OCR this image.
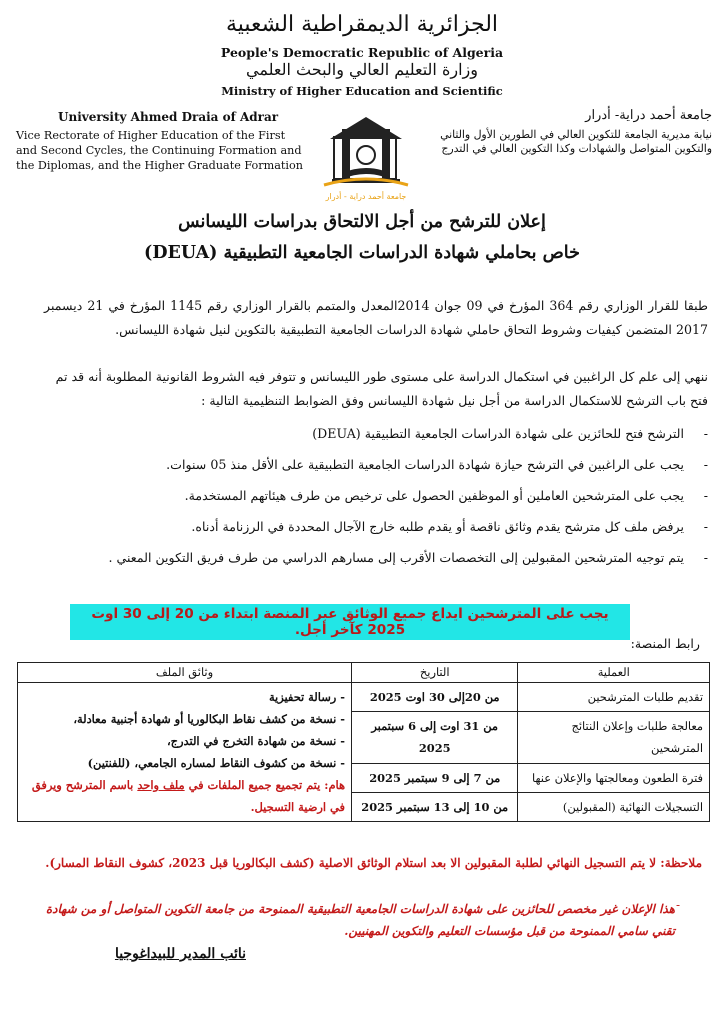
الجزائرية الديمقراطية الشعبية
People's Democratic Republic of Algeria
وزارة التعليم العالي والبحث العلمي
Ministry of Higher Education and Scientific
University Ahmed Draia of Adrar
Vice Rectorate of Higher Education of the First and Second Cycles, the Continuing Formation and the Diplomas, and the Higher Graduate Formation
جامعة أحمد دراية - أدرار
جامعة أحمد دراية- أدرار
نيابة مديرية الجامعة للتكوين العالي في الطورين الأول والثاني والتكوين المتواصل والشهادات وكذا التكوين العالي في التدرج
إعلان للترشح من أجل الالتحاق بدراسات الليسانس
خاص بحاملي شهادة الدراسات الجامعية التطبيقية (DEUA)
طبقا للقرار الوزاري رقم 364 المؤرخ في 09 جوان 2014المعدل والمتمم بالقرار الوزاري رقم 1145 المؤرخ في 21 ديسمبر 2017 المتضمن كيفيات وشروط التحاق حاملي شهادة الدراسات الجامعية التطبيقية بالتكوين لنيل شهادة الليسانس.
ننهي إلى علم كل الراغبين في استكمال الدراسة على مستوى طور الليسانس و تتوفر فيه الشروط القانونية المطلوبة أنه قد تم فتح باب الترشح للاستكمال الدراسة من أجل نيل شهادة الليسانس وفق الضوابط التنظيمية التالية :
-
الترشح فتح للحائزين على شهادة الدراسات الجامعية التطبيقية (DEUA)
-
يجب على الراغبين في الترشح حيازة شهادة الدراسات الجامعية التطبيقية على الأقل منذ 05 سنوات.
-
يجب على المترشحين العاملين أو الموظفين الحصول على ترخيص من طرف هيئاتهم المستخدمة.
-
يرفض ملف كل مترشح يقدم وثائق ناقصة أو يقدم طلبه خارج الآجال المحددة في الرزنامة أدناه.
-
يتم توجيه المترشحين المقبولين إلى التخصصات الأقرب إلى مسارهم الدراسي من طرف فريق التكوين المعني .
يجب على المترشحين ايداع جميع الوثائق عبر المنصة ابتداء من 20 إلى 30 اوت 2025 كآخر أجل.
رابط المنصة:
العملية	التاريخ	وثائق الملف
تقديم طلبات المترشحين	من 20إلى 30 اوت 2025	- رسالة تحفيزية

- نسخة من كشف نقاط البكالوريا أو شهادة أجنبية معادلة،

- نسخة من شهادة التخرج في التدرج،

- نسخة من كشوف النقاط لمساره الجامعي، (للفنتين)

هام: يتم تجميع جميع الملفات في ملف واحد باسم المترشح ويرفق في ارضية التسجيل.

معالجة طلبات وإعلان النتائج المترشحين	من 31 اوت إلى 6 سبتمبر 2025	
فترة الطعون ومعالجتها والإعلان عنها	من 7 إلى 9 سبتمبر 2025	
التسجيلات النهائية (المقبولين)	من 10 إلى 13 سبتمبر 2025	
ملاحظة: لا يتم التسجيل النهائي لطلبة المقبولين الا بعد استلام الوثائق الاصلية (كشف البكالوريا قبل 2023، كشوف النقاط المسار).
-
هذا الإعلان غير مخصص للحائزين على شهادة الدراسات الجامعية التطبيقية الممنوحة من جامعة التكوين المتواصل أو من شهادة تقني سامي الممنوحة من قبل مؤسسات التعليم والتكوين المهنيين.
نائب المدير للبيداغوجيا
